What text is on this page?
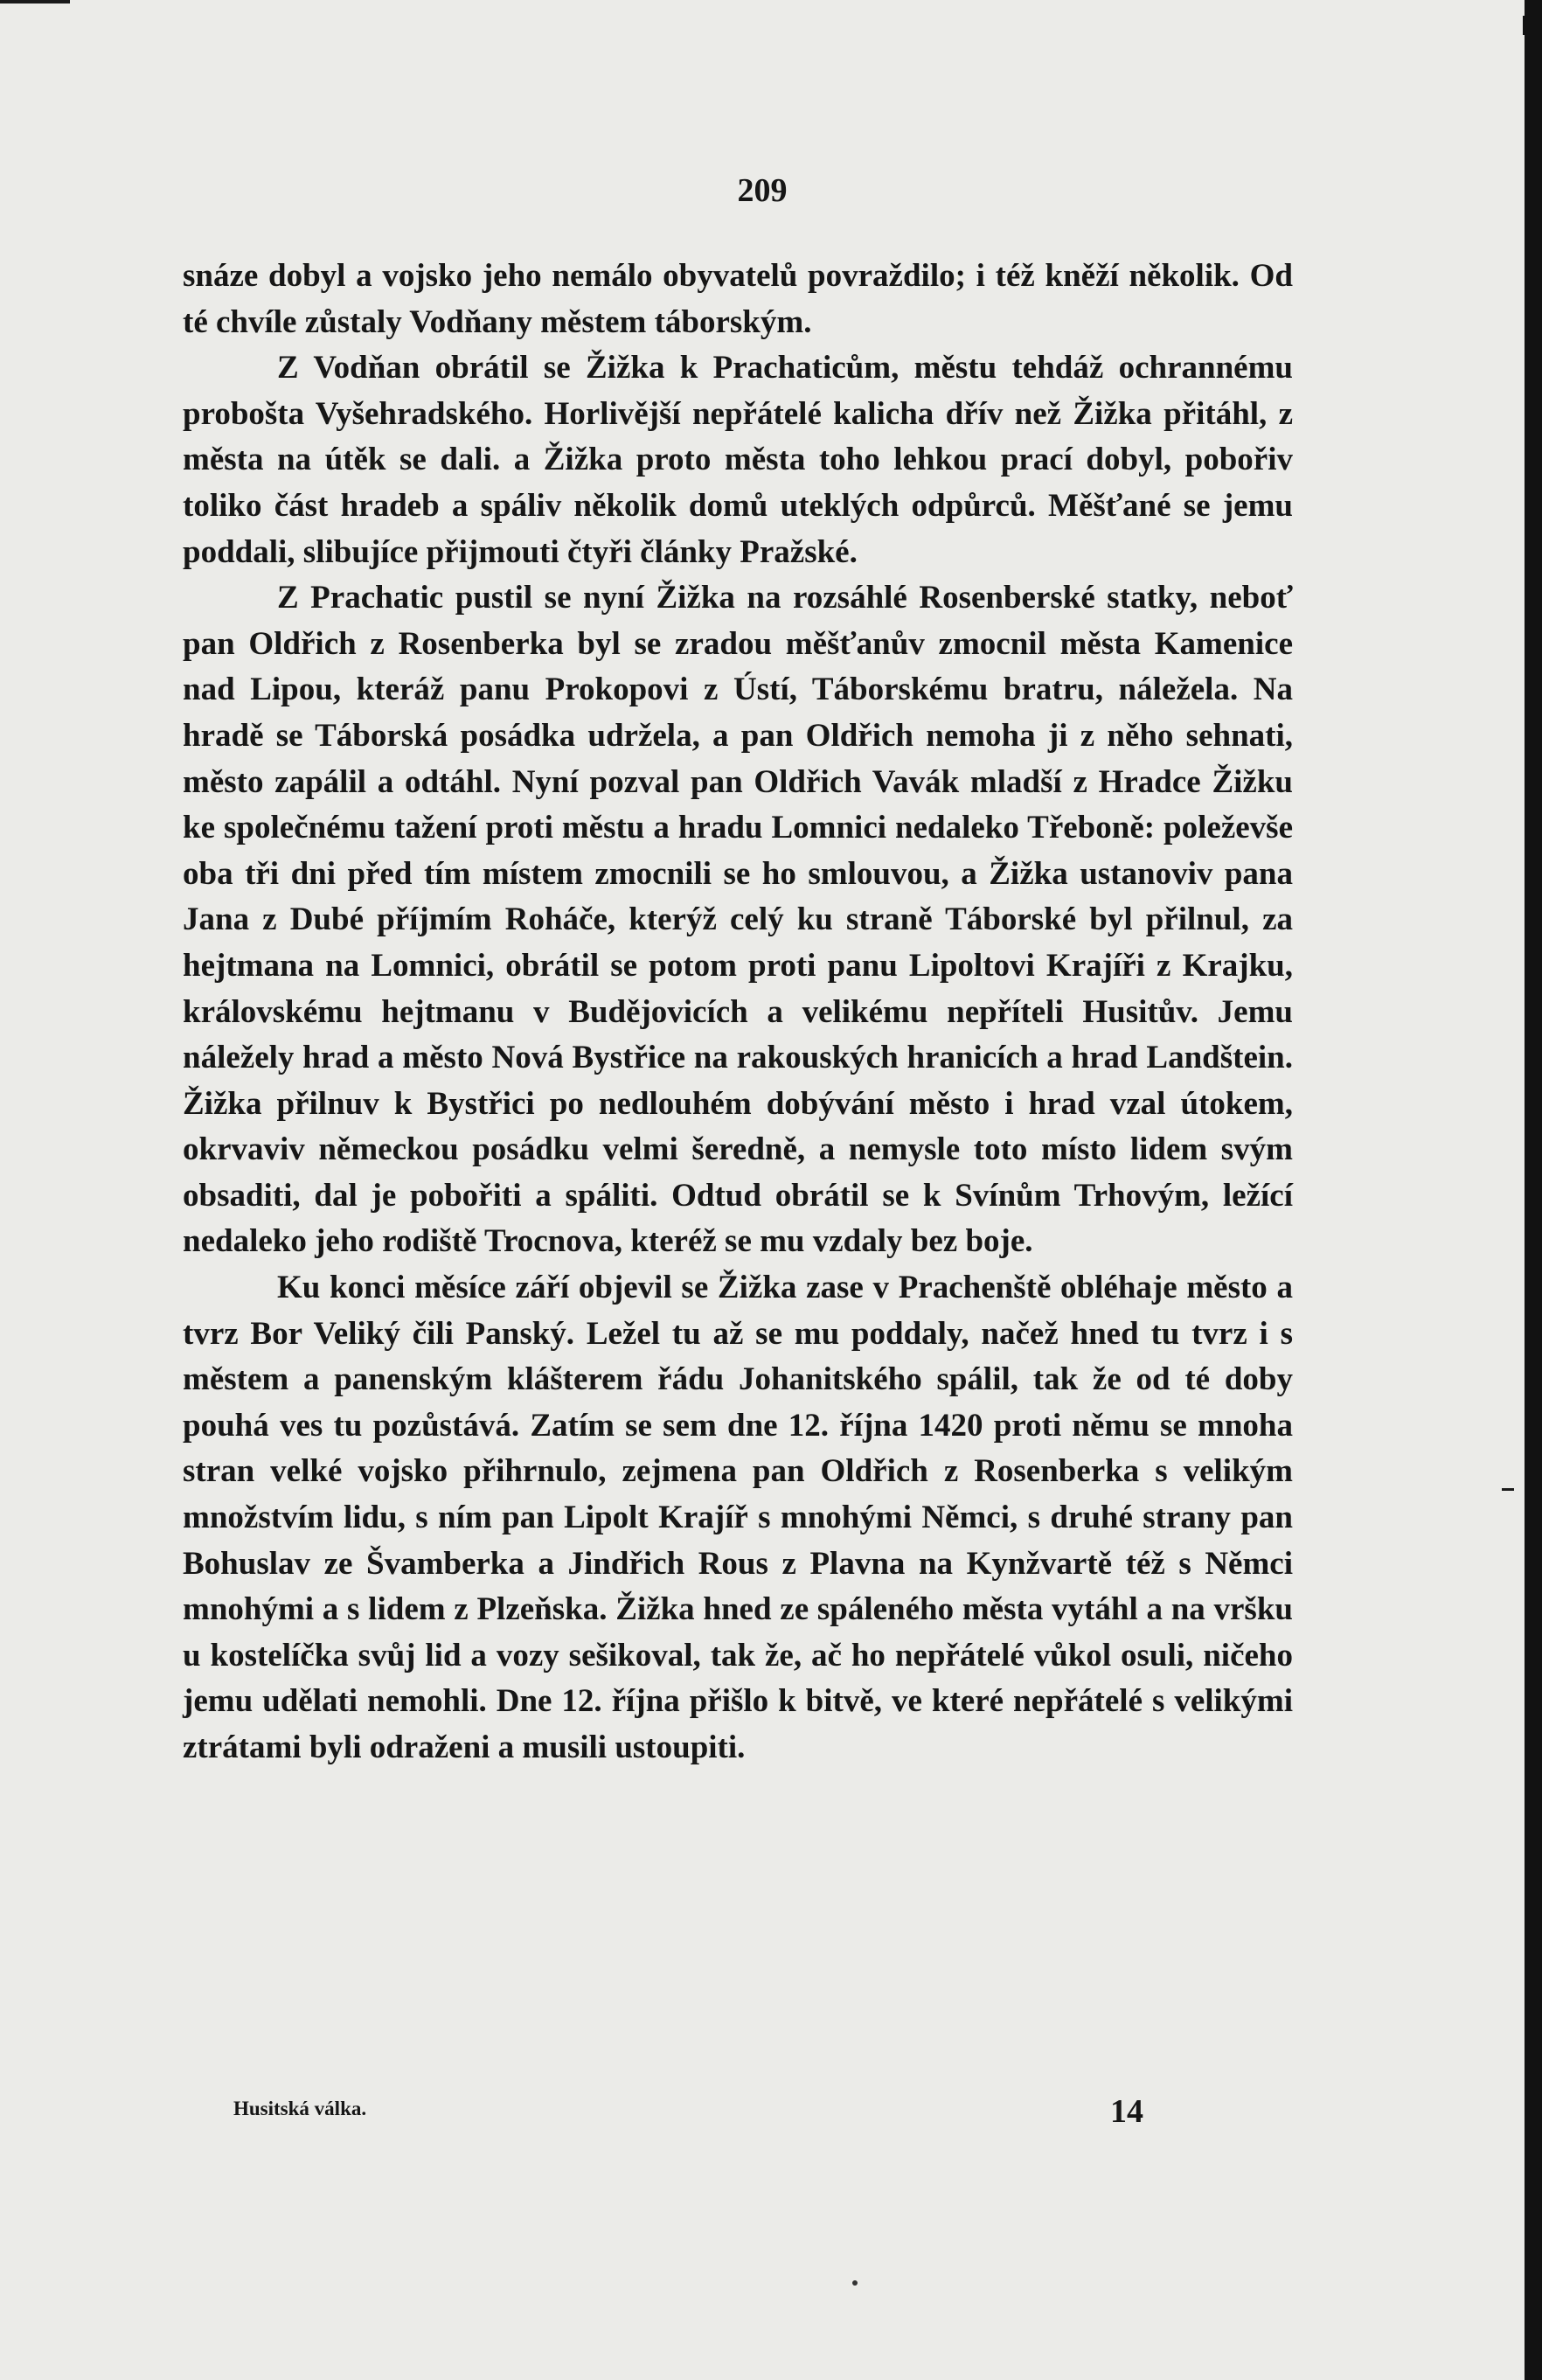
209

snáze dobyl a vojsko jeho nemálo obyvatelů povraždilo; i též kněží několik. Od té chvíle zůstaly Vodňany městem táborským.

Z Vodňan obrátil se Žižka k Prachaticům, městu tehdáž ochrannému probošta Vyšehradského. Horlivější nepřátelé kalicha dřív než Žižka přitáhl, z města na útěk se dali. a Žižka proto města toho lehkou prací dobyl, pobořiv toliko část hradeb a spáliv několik domů uteklých odpůrců. Měšťané se jemu poddali, slibujíce přijmouti čtyři články Pražské.

Z Prachatic pustil se nyní Žižka na rozsáhlé Rosenberské statky, neboť pan Oldřich z Rosenberka byl se zradou měšťanův zmocnil města Kamenice nad Lipou, kteráž panu Prokopovi z Ústí, Táborskému bratru, náležela. Na hradě se Táborská posádka udržela, a pan Oldřich nemoha ji z něho sehnati, město zapálil a odtáhl. Nyní pozval pan Oldřich Vavák mladší z Hradce Žižku ke společnému tažení proti městu a hradu Lomnici nedaleko Třeboně: poleževše oba tři dni před tím místem zmocnili se ho smlouvou, a Žižka ustanoviv pana Jana z Dubé příjmím Roháče, kterýž celý ku straně Táborské byl přilnul, za hejtmana na Lomnici, obrátil se potom proti panu Lipoltovi Krajíři z Krajku, královskému hejtmanu v Budějovicích a velikému nepříteli Husitův. Jemu náležely hrad a město Nová Bystřice na rakouských hranicích a hrad Landštein. Žižka přilnuv k Bystřici po nedlouhém dobývání město i hrad vzal útokem, okrvaviv německou posádku velmi šeredně, a nemysle toto místo lidem svým obsaditi, dal je pobořiti a spáliti. Odtud obrátil se k Svínům Trhovým, ležící nedaleko jeho rodiště Trocnova, kteréž se mu vzdaly bez boje.

Ku konci měsíce září objevil se Žižka zase v Prachenště obléhaje město a tvrz Bor Veliký čili Panský. Ležel tu až se mu poddaly, načež hned tu tvrz i s městem a panenským klášterem řádu Johanitského spálil, tak že od té doby pouhá ves tu pozůstává. Zatím se sem dne 12. října 1420 proti němu se mnoha stran velké vojsko přihrnulo, zejmena pan Oldřich z Rosenberka s velikým množstvím lidu, s ním pan Lipolt Krajíř s mnohými Němci, s druhé strany pan Bohuslav ze Švamberka a Jindřich Rous z Plavna na Kynžvartě též s Němci mnohými a s lidem z Plzeňska. Žižka hned ze spáleného města vytáhl a na vršku u kostelíčka svůj lid a vozy sešikoval, tak že, ač ho nepřátelé vůkol osuli, ničeho jemu udělati nemohli. Dne 12. října přišlo k bitvě, ve které nepřátelé s velikými ztrátami byli odraženi a musili ustoupiti.

Husitská válka.	14
